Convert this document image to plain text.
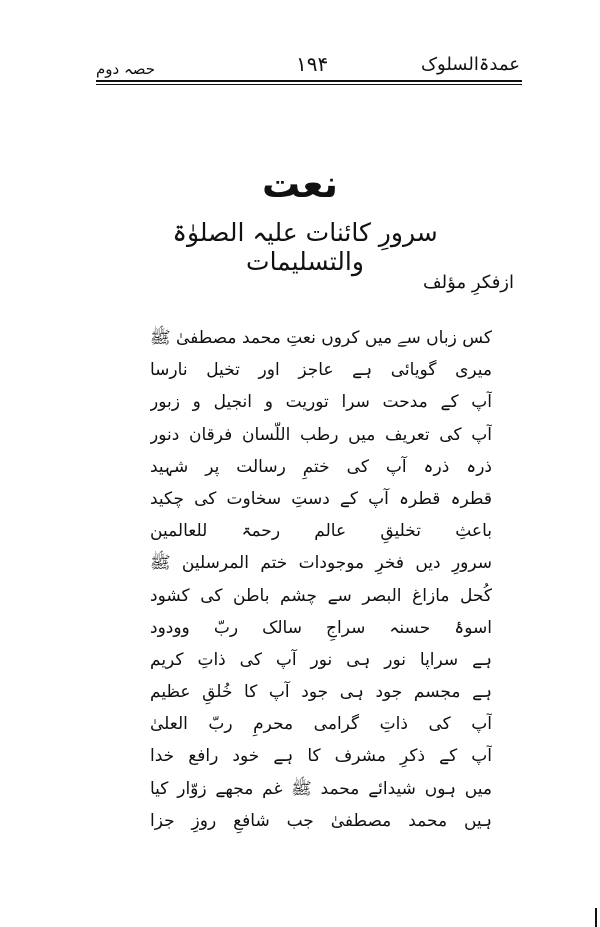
حصہ دوم	۱۹۴	عمدۃالسلوک
نعت
سرورِ کائنات علیہ الصلوٰۃ والتسلیمات
ازفکرِ مؤلف
کس زباں سے میں کروں نعتِ محمد مصطفیٰ ﷺ
میری گویائی ہے عاجز اور تخیل نارسا
آپ کے مدحت سرا توریت و انجیل و زبور
آپ کی تعریف میں رطب اللّسان فرقان دنور
ذرہ ذرہ آپ کی ختمِ رسالت پر شہید
قطرہ قطرہ آپ کے دستِ سخاوت کی چکید
باعثِ تخلیقِ عالم رحمۃ للعالمین
سرورِ دیں فخرِ موجودات ختم المرسلین ﷺ
کُحل مازاغ البصر سے چشم باطن کی کشود
اسوۂ حسنہ سراجِ سالک ربّ وودود
ہے سراپا نور ہی نور آپ کی ذاتِ کریم
ہے مجسم جود ہی جود آپ کا خُلقِ عظیم
آپ کی ذاتِ گرامی محرمِ ربّ العلیٰ
آپ کے ذکرِ مشرف کا ہے خود رافع خدا
میں ہوں شیدائے محمد ﷺ غم مجھے زوّار کیا
ہیں محمد مصطفیٰ جب شافعِ روزِ جزا
